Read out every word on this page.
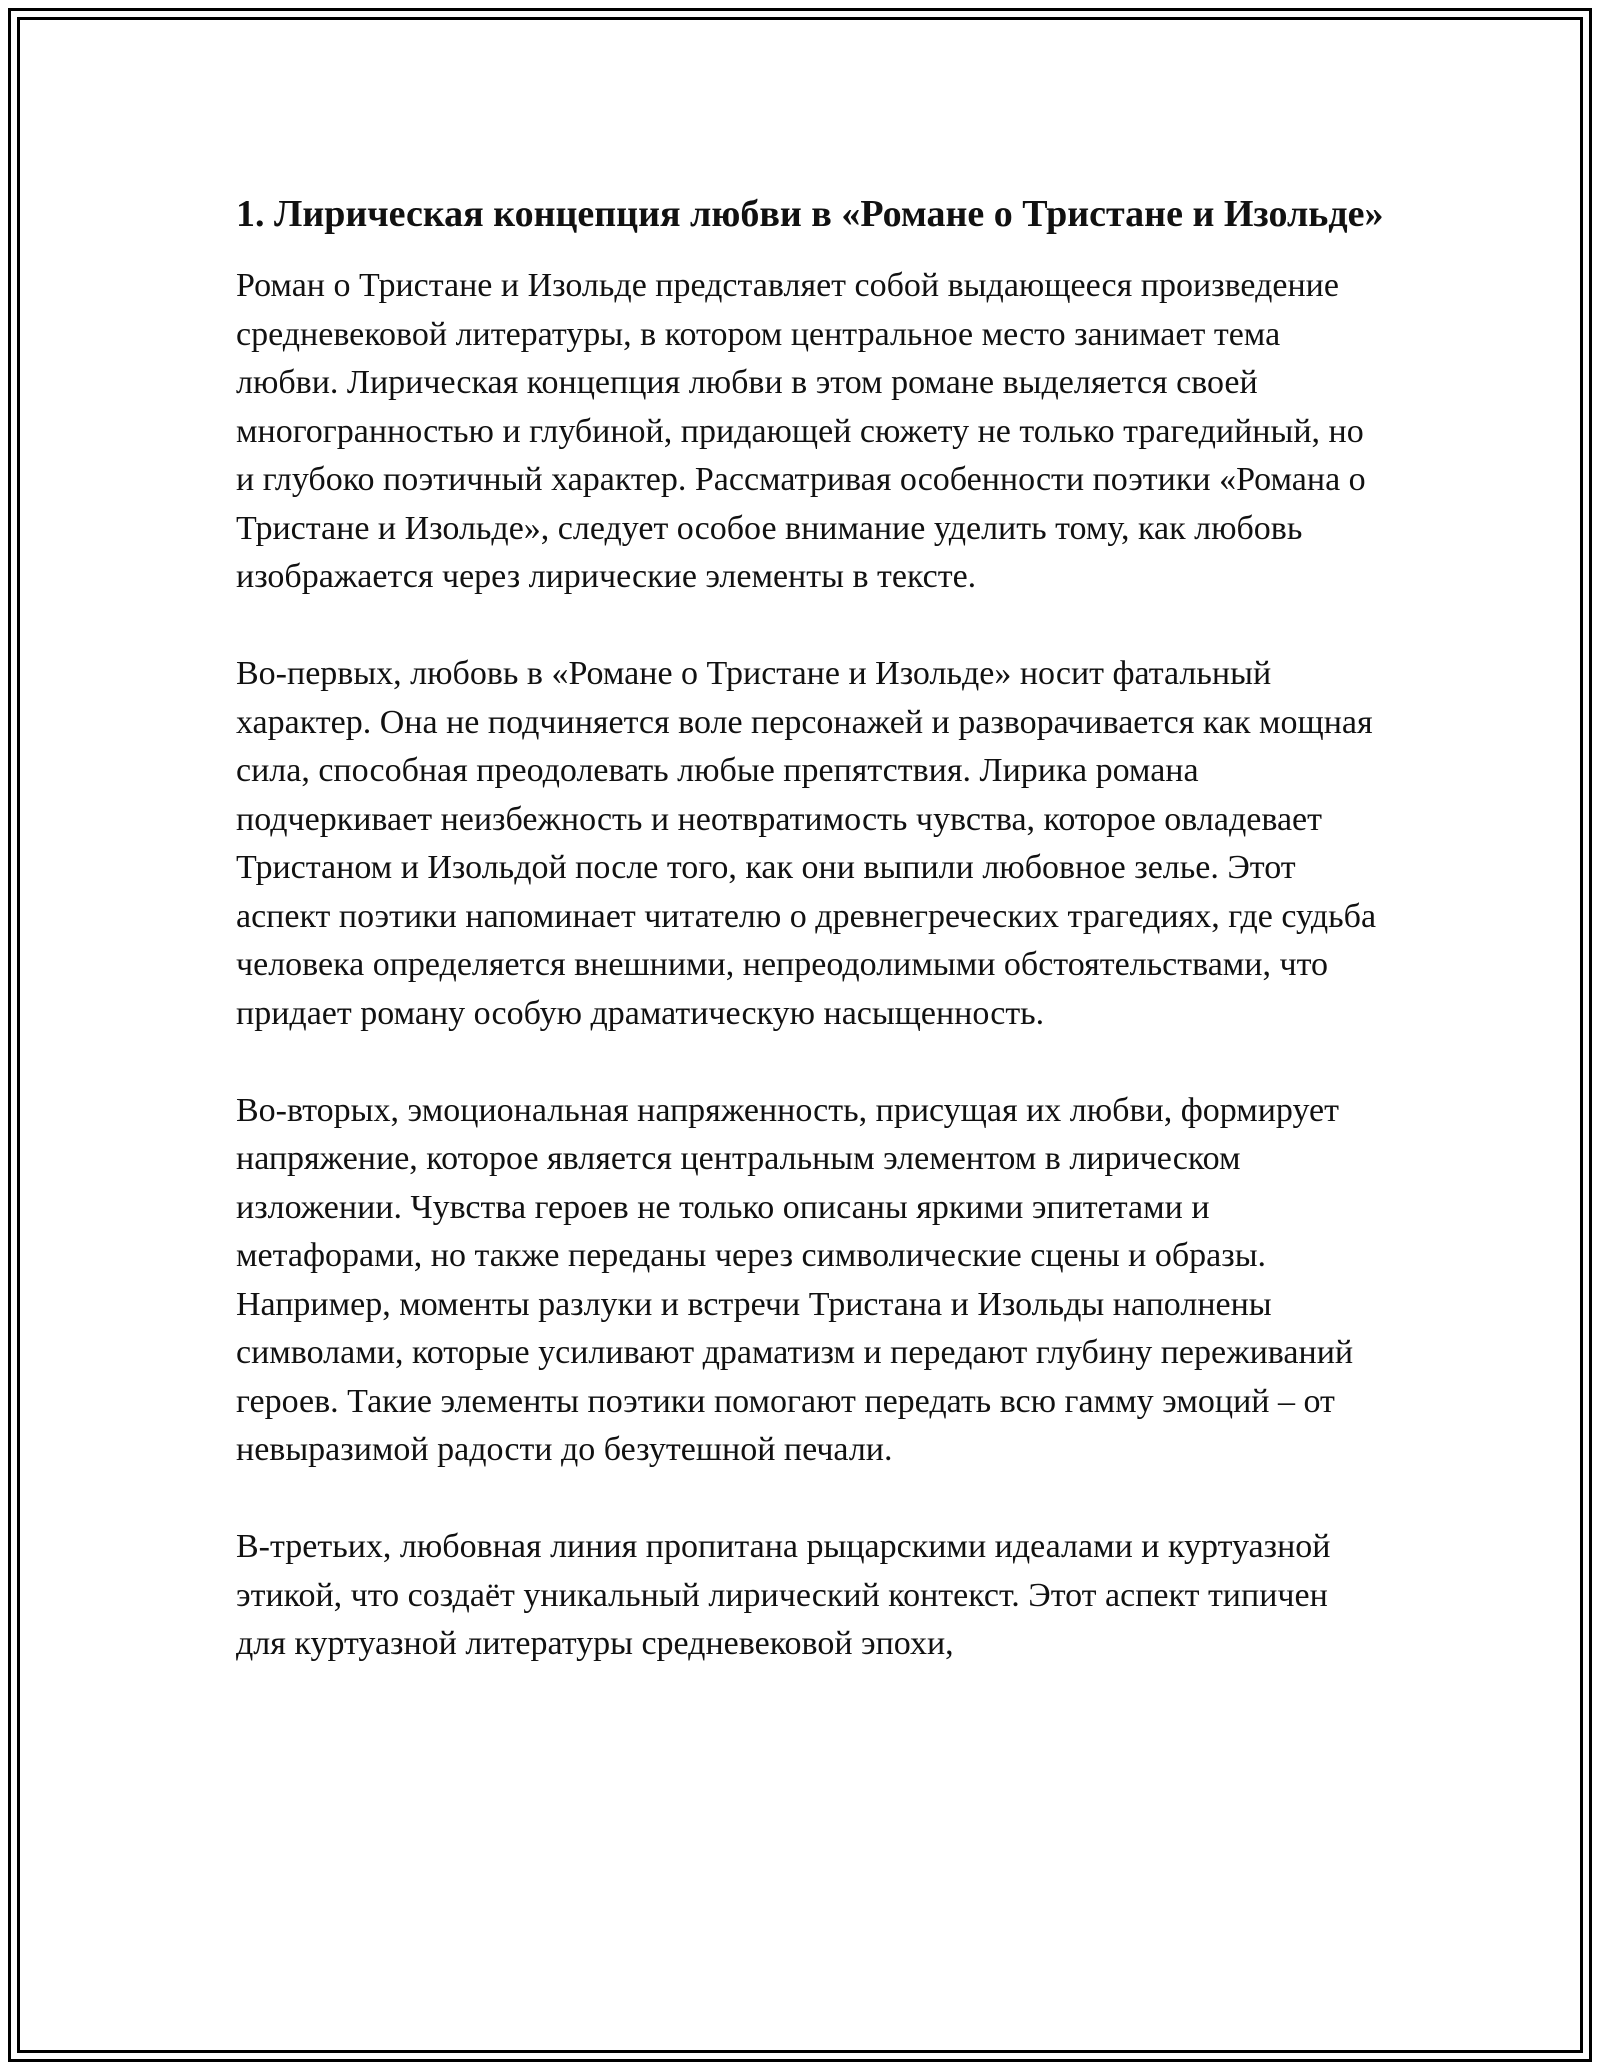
1. Лирическая концепция любви в «Романе о Тристане и Изольде»

Роман о Тристане и Изольде представляет собой выдающееся произведение средневековой литературы, в котором центральное место занимает тема любви. Лирическая концепция любви в этом романе выделяется своей многогранностью и глубиной, придающей сюжету не только трагедийный, но и глубоко поэтичный характер. Рассматривая особенности поэтики «Романа о Тристане и Изольде», следует особое внимание уделить тому, как любовь изображается через лирические элементы в тексте.

Во-первых, любовь в «Романе о Тристане и Изольде» носит фатальный характер. Она не подчиняется воле персонажей и разворачивается как мощная сила, способная преодолевать любые препятствия. Лирика романа подчеркивает неизбежность и неотвратимость чувства, которое овладевает Тристаном и Изольдой после того, как они выпили любовное зелье. Этот аспект поэтики напоминает читателю о древнегреческих трагедиях, где судьба человека определяется внешними, непреодолимыми обстоятельствами, что придает роману особую драматическую насыщенность.

Во-вторых, эмоциональная напряженность, присущая их любви, формирует напряжение, которое является центральным элементом в лирическом изложении. Чувства героев не только описаны яркими эпитетами и метафорами, но также переданы через символические сцены и образы. Например, моменты разлуки и встречи Тристана и Изольды наполнены символами, которые усиливают драматизм и передают глубину переживаний героев. Такие элементы поэтики помогают передать всю гамму эмоций – от невыразимой радости до безутешной печали.

В-третьих, любовная линия пропитана рыцарскими идеалами и куртуазной этикой, что создаёт уникальный лирический контекст. Этот аспект типичен для куртуазной литературы средневековой эпохи,
